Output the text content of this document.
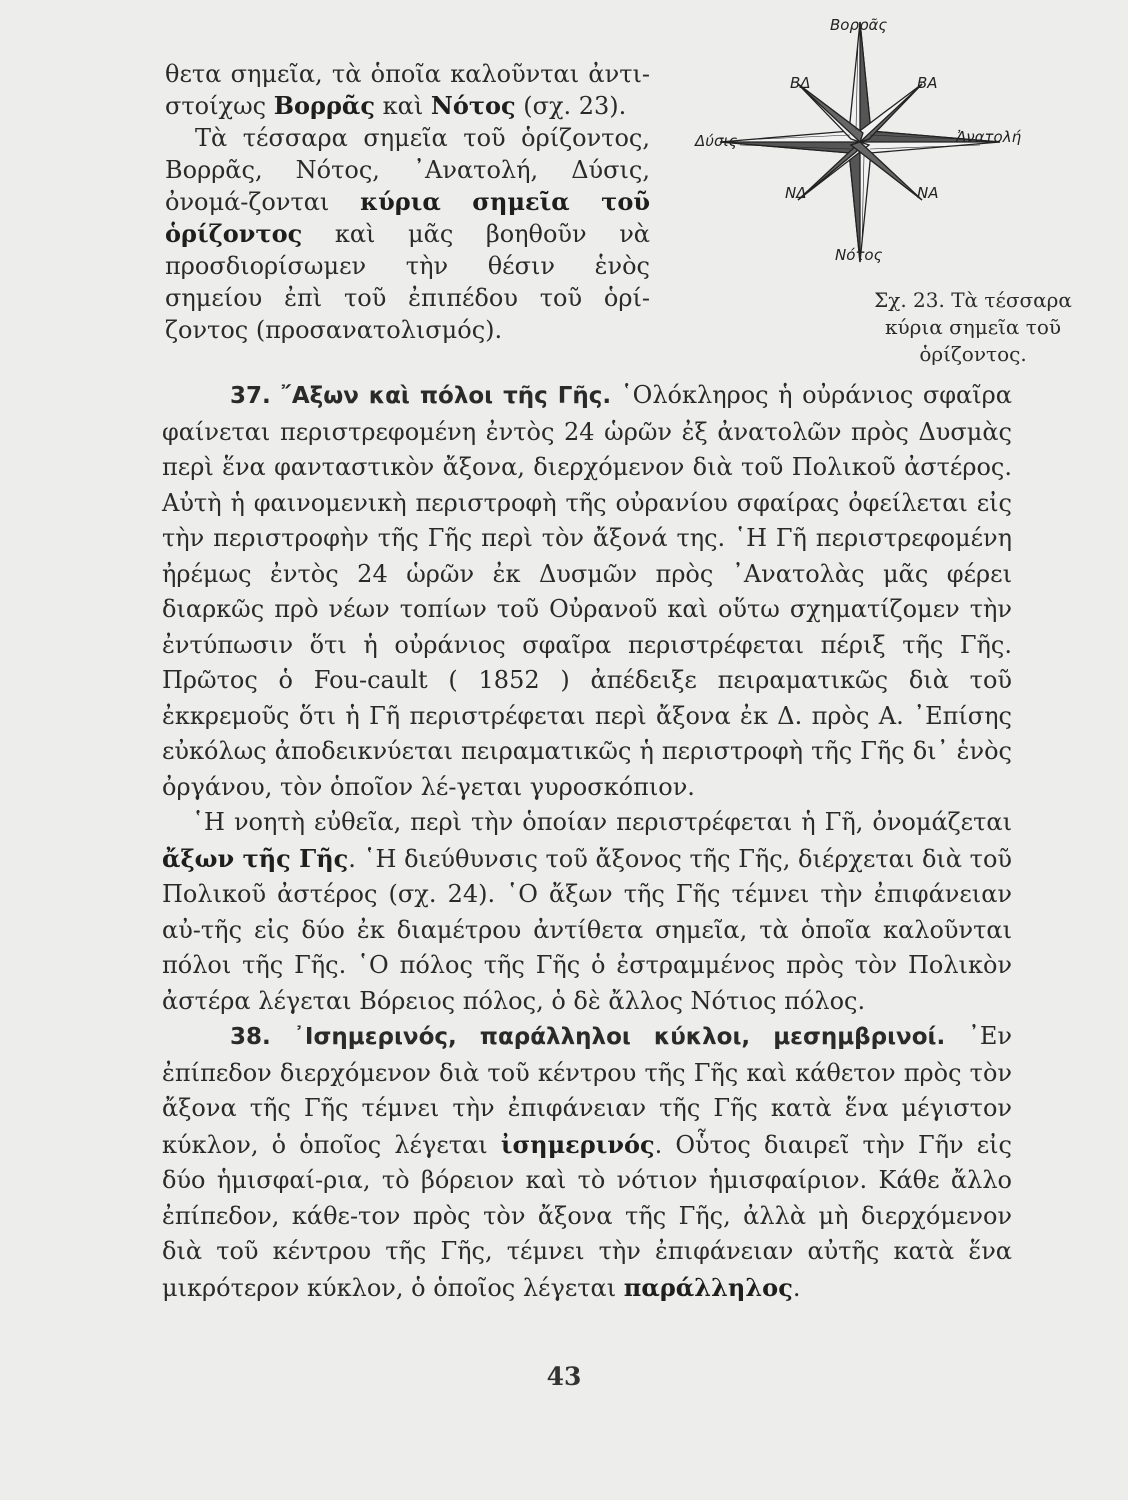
θετα σημεῖα, τὰ ὁποῖα καλοῦνται ἀντι-στοίχως Βορρᾶς καὶ Νότος (σχ. 23).

Τὰ τέσσαρα σημεῖα τοῦ ὁρίζοντος, Βορρᾶς, Νότος, ᾿Ανατολή, Δύσις, ὀνομά-ζονται κύρια σημεῖα τοῦ ὁρίζοντος καὶ μᾶς βοηθοῦν νὰ προσδιορίσωμεν τὴν θέσιν ἑνὸς σημείου ἐπὶ τοῦ ἐπιπέδου τοῦ ὁρί-ζοντος (προσανατολισμός).

Βορρᾶς
Νότος
Δύσις	Ἀνατολή
ΒΔ	ΒΑ
ΝΔ	ΝΑ
Σχ. 23. Τὰ τέσσαρα κύρια σημεῖα τοῦ ὁρίζοντος.

37. ῎Αξων καὶ πόλοι τῆς Γῆς. ῾Ολόκληρος ἡ οὐράνιος σφαῖρα φαίνεται περιστρεφομένη ἐντὸς 24 ὡρῶν ἐξ ἀνατολῶν πρὸς Δυσμὰς περὶ ἕνα φανταστικὸν ἄξονα, διερχόμενον διὰ τοῦ Πολικοῦ ἀστέρος. Αὐτὴ ἡ φαινομενικὴ περιστροφὴ τῆς οὐρανίου σφαίρας ὀφείλεται εἰς τὴν περιστροφὴν τῆς Γῆς περὶ τὸν ἄξονά της. ῾Η Γῆ περιστρεφομένη ἠρέμως ἐντὸς 24 ὡρῶν ἐκ Δυσμῶν πρὸς ᾿Ανατολὰς μᾶς φέρει διαρκῶς πρὸ νέων τοπίων τοῦ Οὐρανοῦ καὶ οὕτω σχηματίζομεν τὴν ἐντύπωσιν ὅτι ἡ οὐράνιος σφαῖρα περιστρέφεται πέριξ τῆς Γῆς. Πρῶτος ὁ Fou-cault ( 1852 ) ἀπέδειξε πειραματικῶς διὰ τοῦ ἐκκρεμοῦς ὅτι ἡ Γῆ περιστρέφεται περὶ ἄξονα ἐκ Δ. πρὸς Α. ᾿Επίσης εὐκόλως ἀποδεικνύεται πειραματικῶς ἡ περιστροφὴ τῆς Γῆς δι᾿ ἑνὸς ὀργάνου, τὸν ὁποῖον λέ-γεται γυροσκόπιον.

῾Η νοητὴ εὐθεῖα, περὶ τὴν ὁποίαν περιστρέφεται ἡ Γῆ, ὀνομάζεται ἄξων τῆς Γῆς. ῾Η διεύθυνσις τοῦ ἄξονος τῆς Γῆς, διέρχεται διὰ τοῦ Πολικοῦ ἀστέρος (σχ. 24). ῾Ο ἄξων τῆς Γῆς τέμνει τὴν ἐπιφάνειαν αὐ-τῆς εἰς δύο ἐκ διαμέτρου ἀντίθετα σημεῖα, τὰ ὁποῖα καλοῦνται πόλοι τῆς Γῆς. ῾Ο πόλος τῆς Γῆς ὁ ἐστραμμένος πρὸς τὸν Πολικὸν ἀστέρα λέγεται Βόρειος πόλος, ὁ δὲ ἄλλος Νότιος πόλος.

38. ᾿Ισημερινός, παράλληλοι κύκλοι, μεσημβρινοί. ᾿Εν ἐπίπεδον διερχόμενον διὰ τοῦ κέντρου τῆς Γῆς καὶ κάθετον πρὸς τὸν ἄξονα τῆς Γῆς τέμνει τὴν ἐπιφάνειαν τῆς Γῆς κατὰ ἕνα μέγιστον κύκλον, ὁ ὁποῖος λέγεται ἰσημερινός. Οὗτος διαιρεῖ τὴν Γῆν εἰς δύο ἡμισφαί-ρια, τὸ βόρειον καὶ τὸ νότιον ἡμισφαίριον. Κάθε ἄλλο ἐπίπεδον, κάθε-τον πρὸς τὸν ἄξονα τῆς Γῆς, ἀλλὰ μὴ διερχόμενον διὰ τοῦ κέντρου τῆς Γῆς, τέμνει τὴν ἐπιφάνειαν αὐτῆς κατὰ ἕνα μικρότερον κύκλον, ὁ ὁποῖος λέγεται παράλληλος.

43
